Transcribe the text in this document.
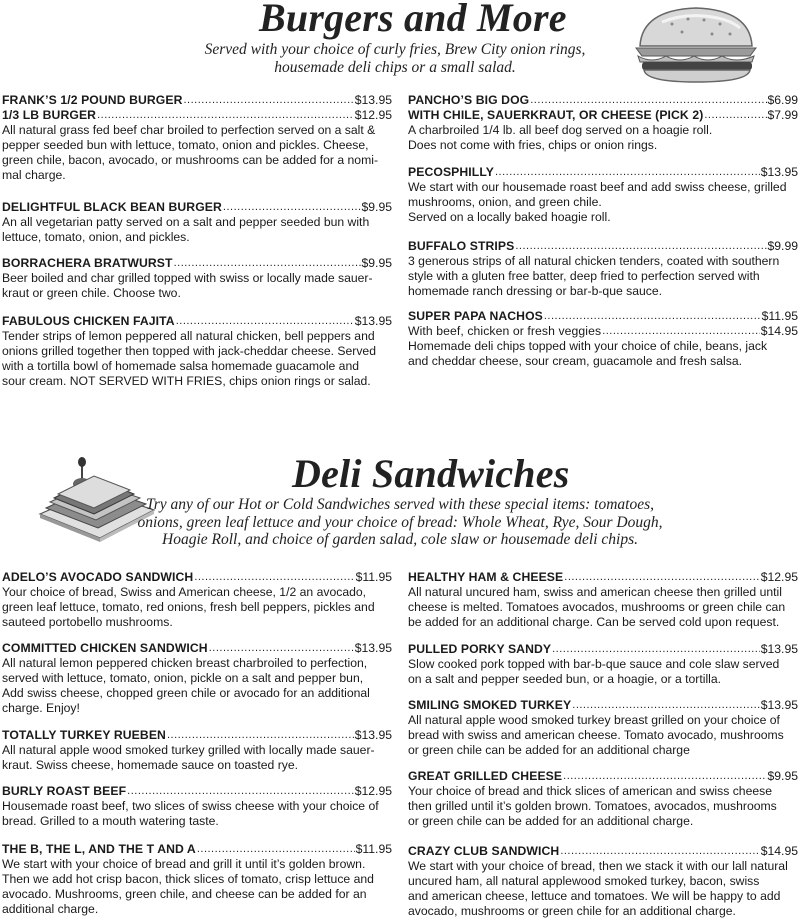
Burgers and More
Served with your choice of curly fries, Brew City onion rings,
housemade deli chips or a small salad.
FRANK’S 1/2 POUND BURGER .....	$13.95
1/3 LB BURGER .....	$12.95
All natural grass fed beef char broiled to perfection served on a salt &
pepper seeded bun with lettuce, tomato, onion and pickles. Cheese,
green chile, bacon, avocado, or mushrooms can be added for a nomi-
mal charge.
DELIGHTFUL BLACK BEAN BURGER .....	$9.95
An all vegetarian patty served on a salt and pepper seeded bun with
lettuce, tomato, onion, and pickles.
BORRACHERA BRATWURST .....	$9.95
Beer boiled and char grilled topped with swiss or locally made sauer-
kraut or green chile. Choose two.
FABULOUS CHICKEN FAJITA .....	$13.95
Tender strips of lemon peppered all natural chicken, bell peppers and
onions grilled together then topped with jack-cheddar cheese. Served
with a tortilla bowl of homemade salsa homemade guacamole and
sour cream. NOT SERVED WITH FRIES, chips onion rings or salad.
PANCHO’S BIG DOG .....	$6.99
WITH CHILE, SAUERKRAUT, OR CHEESE (PICK 2) .....	$7.99
A charbroiled 1/4 lb. all beef dog served on a hoagie roll.
Does not come with fries, chips or onion rings.
PECOSPHILLY .....	$13.95
We start with our housemade roast beef and add swiss cheese, grilled
mushrooms, onion, and green chile.
Served on a locally baked hoagie roll.
BUFFALO STRIPS .....	$9.99
3 generous strips of all natural chicken tenders, coated with southern
style with a gluten free batter, deep fried to perfection served with
homemade ranch dressing or bar-b-que sauce.
SUPER PAPA NACHOS .....	$11.95
With beef, chicken or fresh veggies .....	$14.95
Homemade deli chips topped with your choice of chile, beans, jack
and cheddar cheese, sour cream, guacamole and fresh salsa.
Deli Sandwiches
Try any of our Hot or Cold Sandwiches served with these special items: tomatoes,
onions, green leaf lettuce and your choice of bread: Whole Wheat, Rye, Sour Dough,
Hoagie Roll, and choice of garden salad, cole slaw or housemade deli chips.
ADELO’S AVOCADO SANDWICH .....	$11.95
Your choice of bread, Swiss and American cheese, 1/2 an avocado,
green leaf lettuce, tomato, red onions, fresh bell peppers, pickles and
sauteed portobello mushrooms.
COMMITTED CHICKEN SANDWICH .....	$13.95
All natural lemon peppered chicken breast charbroiled to perfection,
served with lettuce, tomato, onion, pickle on a salt and pepper bun,
Add swiss cheese, chopped green chile or avocado for an additional
charge. Enjoy!
TOTALLY TURKEY RUEBEN .....	$13.95
All natural apple wood smoked turkey grilled with locally made sauer-
kraut. Swiss cheese, homemade sauce on toasted rye.
BURLY ROAST BEEF .....	$12.95
Housemade roast beef, two slices of swiss cheese with your choice of
bread. Grilled to a mouth watering taste.
THE B, THE L, AND THE T AND A .....	$11.95
We start with your choice of bread and grill it until it’s golden brown.
Then we add hot crisp bacon, thick slices of tomato, crisp lettuce and
avocado. Mushrooms, green chile, and cheese can be added for an
additional charge.
HEALTHY HAM & CHEESE .....	$12.95
All natural uncured ham, swiss and american cheese then grilled until
cheese is melted. Tomatoes avocados, mushrooms or green chile can
be added for an additional charge. Can be served cold upon request.
PULLED PORKY SANDY .....	$13.95
Slow cooked pork topped with bar-b-que sauce and cole slaw served
on a salt and pepper seeded bun, or a hoagie, or a tortilla.
SMILING SMOKED TURKEY .....	$13.95
All natural apple wood smoked turkey breast grilled on your choice of
bread with swiss and american cheese. Tomato avocado, mushrooms
or green chile can be added for an additional charge
GREAT GRILLED CHEESE .....	$9.95
Your choice of bread and thick slices of american and swiss cheese
then grilled until it’s golden brown. Tomatoes, avocados, mushrooms
or green chile can be added for an additional charge.
CRAZY CLUB SANDWICH .....	$14.95
We start with your choice of bread, then we stack it with our lall natural
uncured ham, all natural applewood smoked turkey, bacon, swiss
and american cheese, lettuce and tomatoes. We will be happy to add
avocado, mushrooms or green chile for an additional charge.
